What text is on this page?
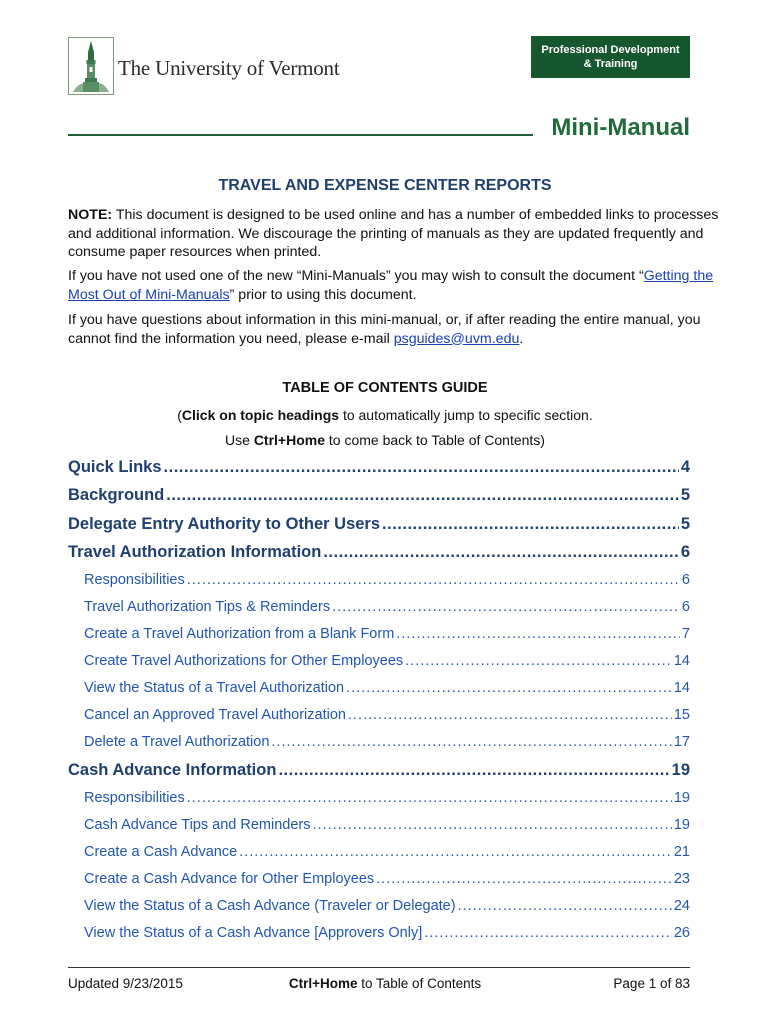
The University of Vermont
Professional Development
& Training
Mini-Manual
TRAVEL AND EXPENSE CENTER REPORTS
NOTE: This document is designed to be used online and has a number of embedded links to processes and additional information. We discourage the printing of manuals as they are updated frequently and consume paper resources when printed.
If you have not used one of the new “Mini-Manuals” you may wish to consult the document “Getting the Most Out of Mini-Manuals” prior to using this document.
If you have questions about information in this mini-manual, or, if after reading the entire manual, you cannot find the information you need, please e-mail psguides@uvm.edu.
TABLE OF CONTENTS GUIDE
(Click on topic headings to automatically jump to specific section.
Use Ctrl+Home to come back to Table of Contents)
Quick Links .....	4
Background .....	5
Delegate Entry Authority to Other Users .....	5
Travel Authorization Information .....	6
Responsibilities .....	6
Travel Authorization Tips & Reminders .....	6
Create a Travel Authorization from a Blank Form .....	7
Create Travel Authorizations for Other Employees .....	14
View the Status of a Travel Authorization .....	14
Cancel an Approved Travel Authorization .....	15
Delete a Travel Authorization .....	17
Cash Advance Information .....	19
Responsibilities .....	19
Cash Advance Tips and Reminders .....	19
Create a Cash Advance .....	21
Create a Cash Advance for Other Employees .....	23
View the Status of a Cash Advance (Traveler or Delegate) .....	24
View the Status of a Cash Advance [Approvers Only] .....	26
Updated 9/23/2015	Ctrl+Home to Table of Contents	Page 1 of 83
